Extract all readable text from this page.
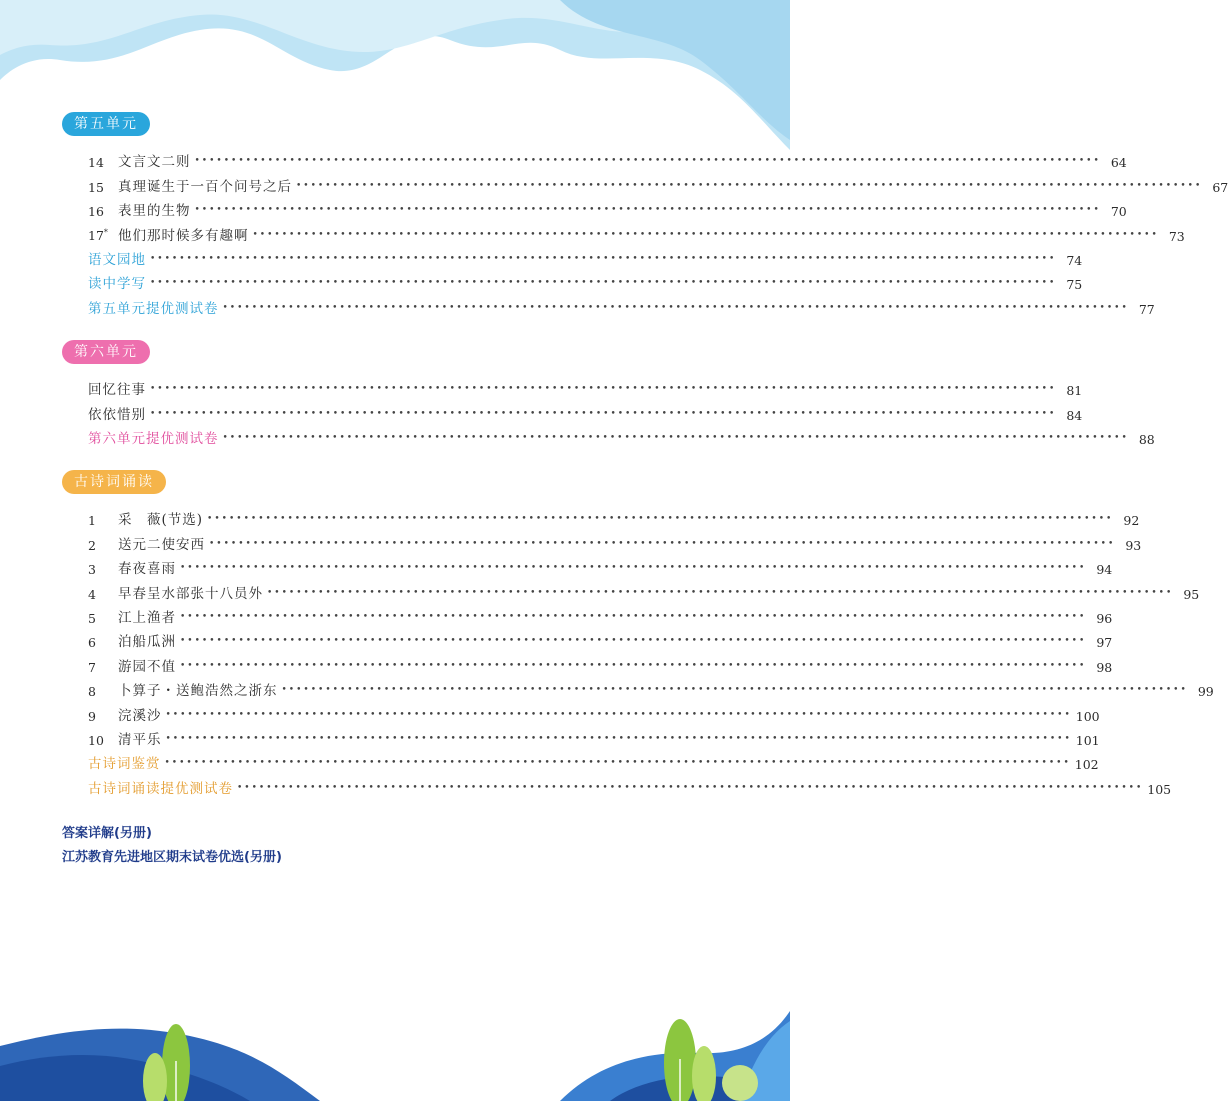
第五单元
14	文言文二则 •••••••••••••••••••••••••••••••••••••••••••••••••••••••••••••••••••••••••••••••••••••••••••••••••••••••••••••••••••••••••••• 64
15	真理诞生于一百个问号之后 •••••••••••••••••••••••••••••••••••••••••••••••••••••••••••••••••••••••••••••••••••••••••••••••••••••••••••••••••••••••••••• 67
16	表里的生物 •••••••••••••••••••••••••••••••••••••••••••••••••••••••••••••••••••••••••••••••••••••••••••••••••••••••••••••••••••••••••••• 70
17* 他们那时候多有趣啊 •••••••••••••••••••••••••••••••••••••••••••••••••••••••••••••••••••••••••••••••••••••••••••••••••••••••••••••••••••••••••••• 73
语文园地 •••••••••••••••••••••••••••••••••••••••••••••••••••••••••••••••••••••••••••••••••••••••••••••••••••••••••••••••••••••••••••• 74
读中学写 •••••••••••••••••••••••••••••••••••••••••••••••••••••••••••••••••••••••••••••••••••••••••••••••••••••••••••••••••••••••••••• 75
第五单元提优测试卷 •••••••••••••••••••••••••••••••••••••••••••••••••••••••••••••••••••••••••••••••••••••••••••••••••••••••••••••••••••••••••••• 77
第六单元
回忆往事 •••••••••••••••••••••••••••••••••••••••••••••••••••••••••••••••••••••••••••••••••••••••••••••••••••••••••••••••••••••••••••• 81
依依惜别 •••••••••••••••••••••••••••••••••••••••••••••••••••••••••••••••••••••••••••••••••••••••••••••••••••••••••••••••••••••••••••• 84
第六单元提优测试卷 •••••••••••••••••••••••••••••••••••••••••••••••••••••••••••••••••••••••••••••••••••••••••••••••••••••••••••••••••••••••••••• 88
古诗词诵读
1	采　薇(节选) •••••••••••••••••••••••••••••••••••••••••••••••••••••••••••••••••••••••••••••••••••••••••••••••••••••••••••••••••••••••••••• 92
2	送元二使安西 •••••••••••••••••••••••••••••••••••••••••••••••••••••••••••••••••••••••••••••••••••••••••••••••••••••••••••••••••••••••••••• 93
3	春夜喜雨 •••••••••••••••••••••••••••••••••••••••••••••••••••••••••••••••••••••••••••••••••••••••••••••••••••••••••••••••••••••••••••• 94
4	早春呈水部张十八员外 •••••••••••••••••••••••••••••••••••••••••••••••••••••••••••••••••••••••••••••••••••••••••••••••••••••••••••••••••••••••••••• 95
5	江上渔者 •••••••••••••••••••••••••••••••••••••••••••••••••••••••••••••••••••••••••••••••••••••••••••••••••••••••••••••••••••••••••••• 96
6	泊船瓜洲 •••••••••••••••••••••••••••••••••••••••••••••••••••••••••••••••••••••••••••••••••••••••••••••••••••••••••••••••••••••••••••• 97
7	游园不值 •••••••••••••••••••••••••••••••••••••••••••••••••••••••••••••••••••••••••••••••••••••••••••••••••••••••••••••••••••••••••••• 98
8	卜算子・送鲍浩然之浙东 •••••••••••••••••••••••••••••••••••••••••••••••••••••••••••••••••••••••••••••••••••••••••••••••••••••••••••••••••••••••••••• 99
9	浣溪沙 •••••••••••••••••••••••••••••••••••••••••••••••••••••••••••••••••••••••••••••••••••••••••••••••••••••••••••••••••••••••••••• 100
10	清平乐 •••••••••••••••••••••••••••••••••••••••••••••••••••••••••••••••••••••••••••••••••••••••••••••••••••••••••••••••••••••••••••• 101
古诗词鉴赏 •••••••••••••••••••••••••••••••••••••••••••••••••••••••••••••••••••••••••••••••••••••••••••••••••••••••••••••••••••••••••••• 102
古诗词诵读提优测试卷 •••••••••••••••••••••••••••••••••••••••••••••••••••••••••••••••••••••••••••••••••••••••••••••••••••••••••••••••••••••••••••• 105
答案详解(另册)
江苏教育先进地区期末试卷优选(另册)
